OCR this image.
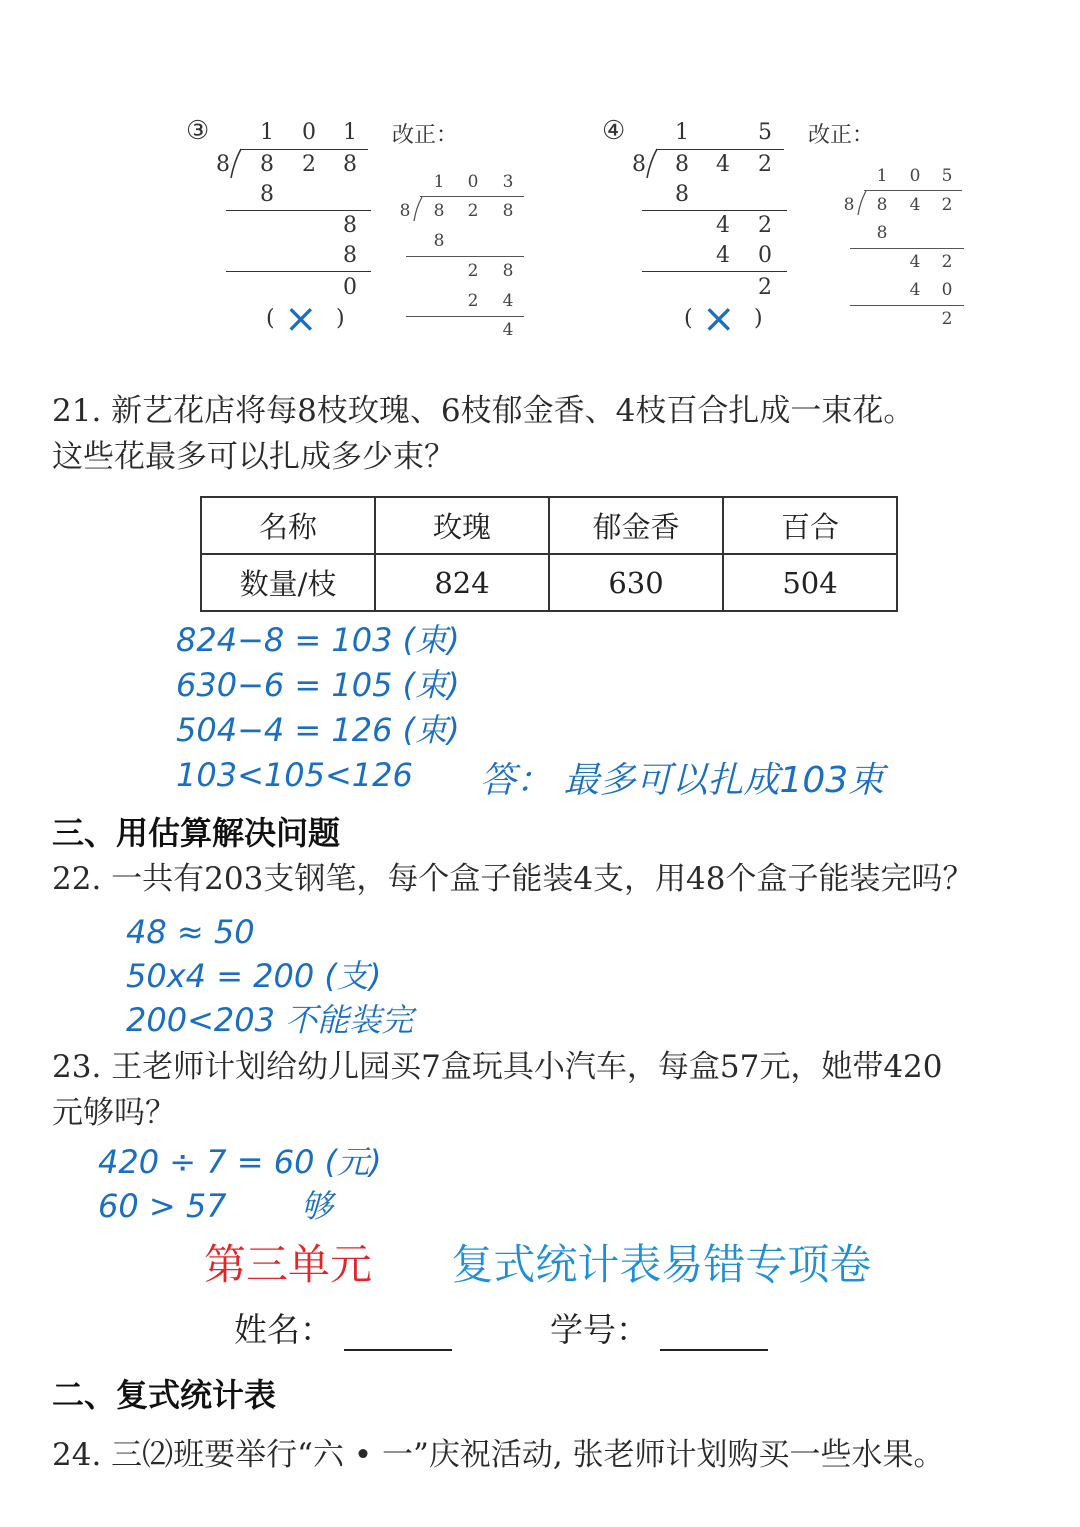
③	1	0	1
8	8	2	8
8
8
8
0
( × )
改正：
1	0	3
8	8	2	8
8
2	8
2	4
4
④	1	5
8	8	4	2
8
4	2
4	0
2
( × )
改正：
1	0	5
8	8	4	2
8
4	2
4	0
2
21. 新艺花店将每8枝玫瑰、6枝郁金香、4枝百合扎成一束花。
这些花最多可以扎成多少束？
名称	玫瑰	郁金香	百合
数量/枝	824	630	504
824−8 = 103 (束)
630−6 = 105 (束)
504−4 = 126 (束)
103<105<126	答： 最多可以扎成103束
三、用估算解决问题
22. 一共有203支钢笔，每个盒子能装4支，用48个盒子能装完吗？
48 ≈ 50
50x4 = 200 (支)
200<203 不能装完
23. 王老师计划给幼儿园买7盒玩具小汽车，每盒57元，她带420
元够吗？
420 ÷ 7 = 60 (元)
60 > 57 够
第三单元 复式统计表易错专项卷
姓名：	学号：
二、复式统计表
24. 三⑵班要举行“六 • 一”庆祝活动, 张老师计划购买一些水果。
